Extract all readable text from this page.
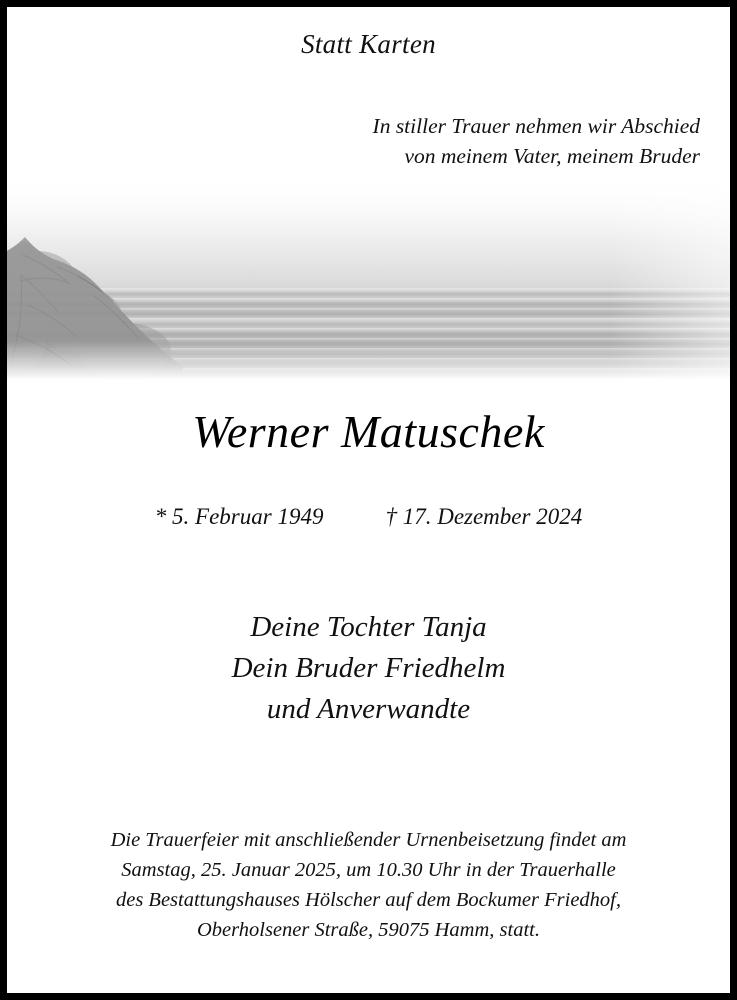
Statt Karten
In stiller Trauer nehmen wir Abschied
von meinem Vater, meinem Bruder
Werner Matuschek
* 5. Februar 1949	† 17. Dezember 2024
Deine Tochter Tanja
Dein Bruder Friedhelm
und Anverwandte
Die Trauerfeier mit anschließender Urnenbeisetzung findet am
Samstag, 25. Januar 2025, um 10.30 Uhr in der Trauerhalle
des Bestattungshauses Hölscher auf dem Bockumer Friedhof,
Oberholsener Straße, 59075 Hamm, statt.
